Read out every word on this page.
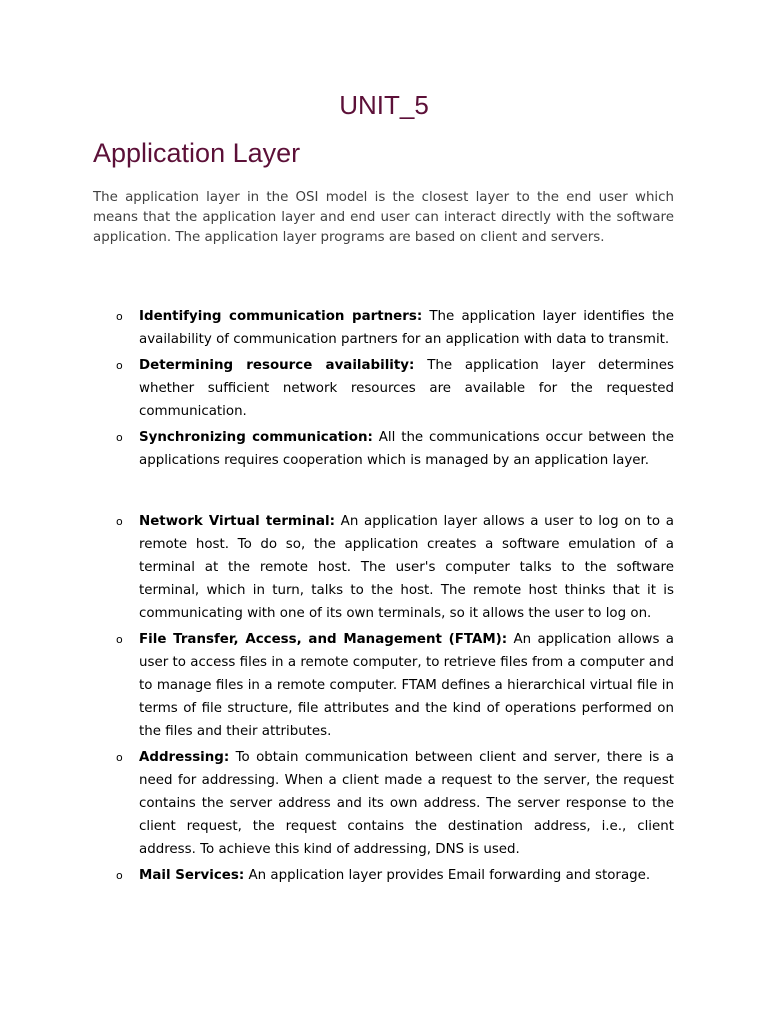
UNIT_5
Application Layer

The application layer in the OSI model is the closest layer to the end user which means that the application layer and end user can interact directly with the software application. The application layer programs are based on client and servers.

o Identifying communication partners: The application layer identifies the availability of communication partners for an application with data to transmit.
o Determining resource availability: The application layer determines whether sufficient network resources are available for the requested communication.
o Synchronizing communication: All the communications occur between the applications requires cooperation which is managed by an application layer.
o Network Virtual terminal: An application layer allows a user to log on to a remote host. To do so, the application creates a software emulation of a terminal at the remote host. The user's computer talks to the software terminal, which in turn, talks to the host. The remote host thinks that it is communicating with one of its own terminals, so it allows the user to log on.
o File Transfer, Access, and Management (FTAM): An application allows a user to access files in a remote computer, to retrieve files from a computer and to manage files in a remote computer. FTAM defines a hierarchical virtual file in terms of file structure, file attributes and the kind of operations performed on the files and their attributes.
o Addressing: To obtain communication between client and server, there is a need for addressing. When a client made a request to the server, the request contains the server address and its own address. The server response to the client request, the request contains the destination address, i.e., client address. To achieve this kind of addressing, DNS is used.
o Mail Services: An application layer provides Email forwarding and storage.
